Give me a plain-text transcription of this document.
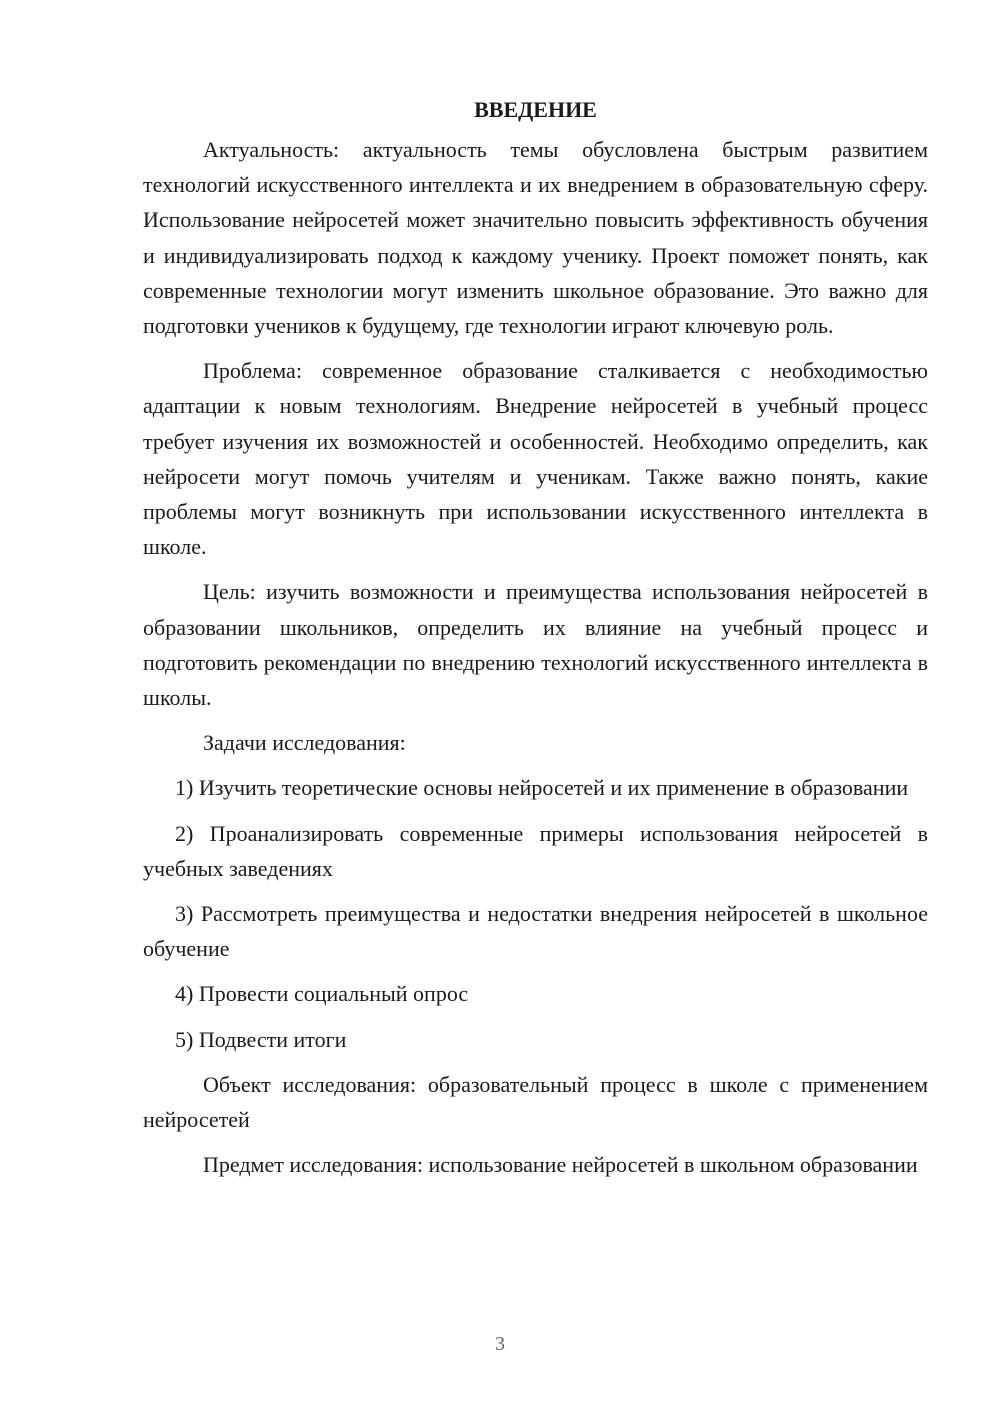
ВВЕДЕНИЕ

Актуальность: актуальность темы обусловлена быстрым развитием технологий искусственного интеллекта и их внедрением в образовательную сферу. Использование нейросетей может значительно повысить эффективность обучения и индивидуализировать подход к каждому ученику. Проект поможет понять, как современные технологии могут изменить школьное образование. Это важно для подготовки учеников к будущему, где технологии играют ключевую роль.

Проблема: современное образование сталкивается с необходимостью адаптации к новым технологиям. Внедрение нейросетей в учебный процесс требует изучения их возможностей и особенностей. Необходимо определить, как нейросети могут помочь учителям и ученикам. Также важно понять, какие проблемы могут возникнуть при использовании искусственного интеллекта в школе.

Цель: изучить возможности и преимущества использования нейросетей в образовании школьников, определить их влияние на учебный процесс и подготовить рекомендации по внедрению технологий искусственного интеллекта в школы.

Задачи исследования:

1) Изучить теоретические основы нейросетей и их применение в образовании

2) Проанализировать современные примеры использования нейросетей в учебных заведениях

3) Рассмотреть преимущества и недостатки внедрения нейросетей в школьное обучение

4) Провести социальный опрос

5) Подвести итоги

Объект исследования: образовательный процесс в школе с применением нейросетей

Предмет исследования: использование нейросетей в школьном образовании

3
